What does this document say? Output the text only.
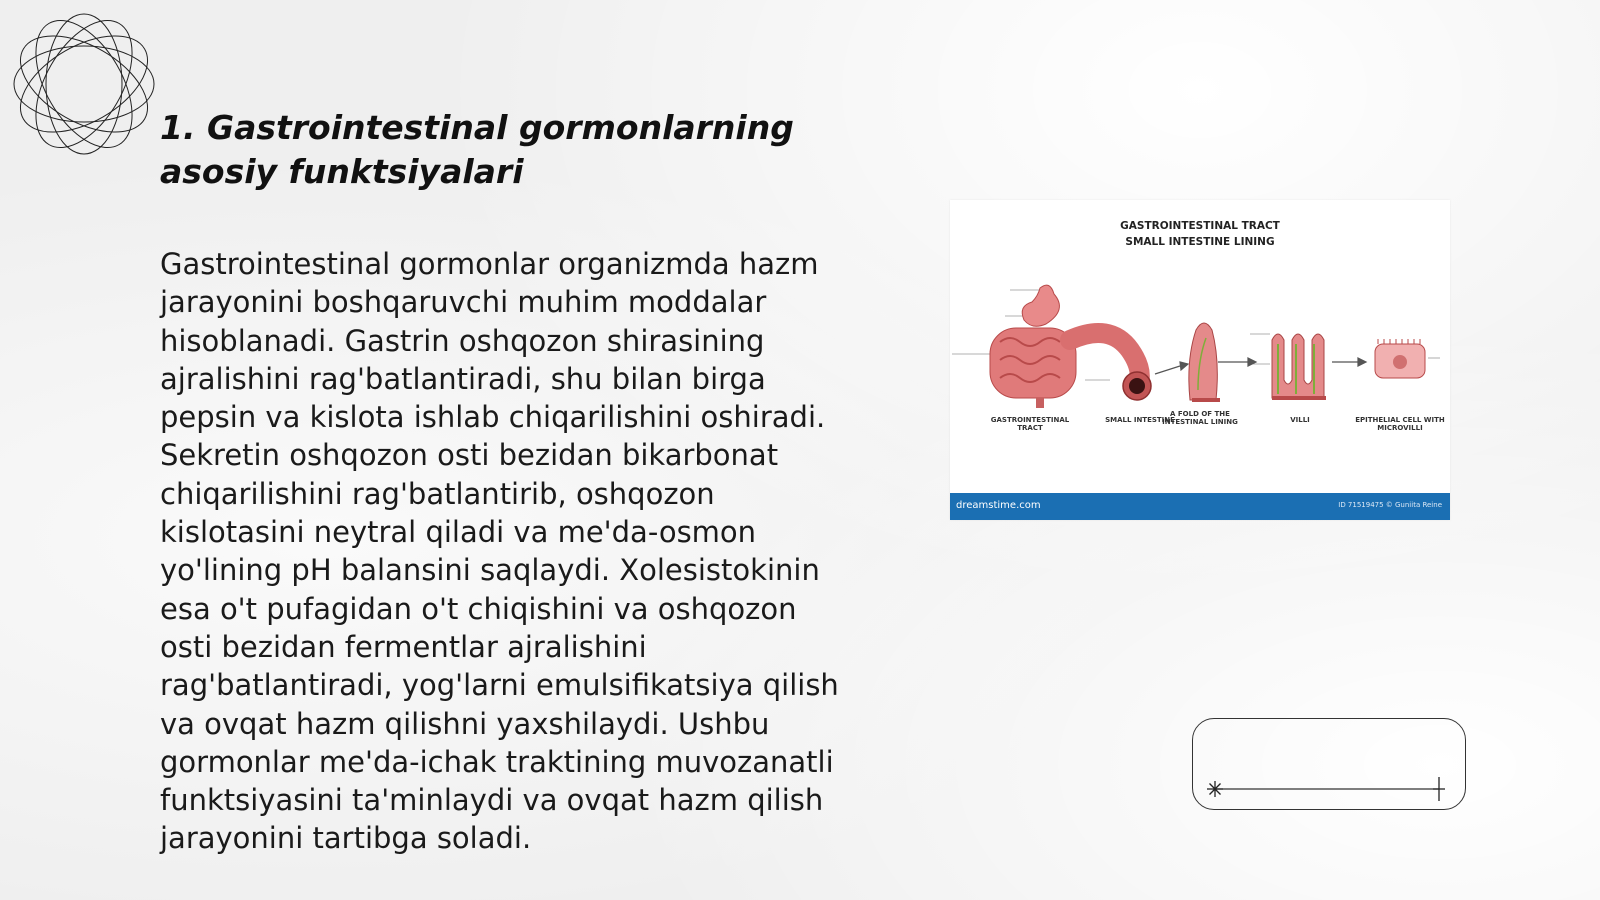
1. Gastrointestinal gormonlarning asosiy funktsiyalari

Gastrointestinal gormonlar organizmda hazm jarayonini boshqaruvchi muhim moddalar hisoblanadi. Gastrin oshqozon shirasining ajralishini rag'batlantiradi, shu bilan birga pepsin va kislota ishlab chiqarilishini oshiradi. Sekretin oshqozon osti bezidan bikarbonat chiqarilishini rag'batlantirib, oshqozon kislotasini neytral qiladi va me'da-osmon yo'lining pH balansini saqlaydi. Xolesistokinin esa o't pufagidan o't chiqishini va oshqozon osti bezidan fermentlar ajralishini rag'batlantiradi, yog'larni emulsifikatsiya qilish va ovqat hazm qilishni yaxshilaydi. Ushbu gormonlar me'da-ichak traktining muvozanatli funktsiyasini ta'minlaydi va ovqat hazm qilish jarayonini tartibga soladi.

GASTROINTESTINAL TRACT
SMALL INTESTINE LINING
GASTROINTESTINAL TRACT
SMALL INTESTINE
A FOLD OF THE INTESTINAL LINING	VILLI	EPITHELIAL CELL WITH MICROVILLI
dreamstime.com	ID 71519475 © Guniita Reine
